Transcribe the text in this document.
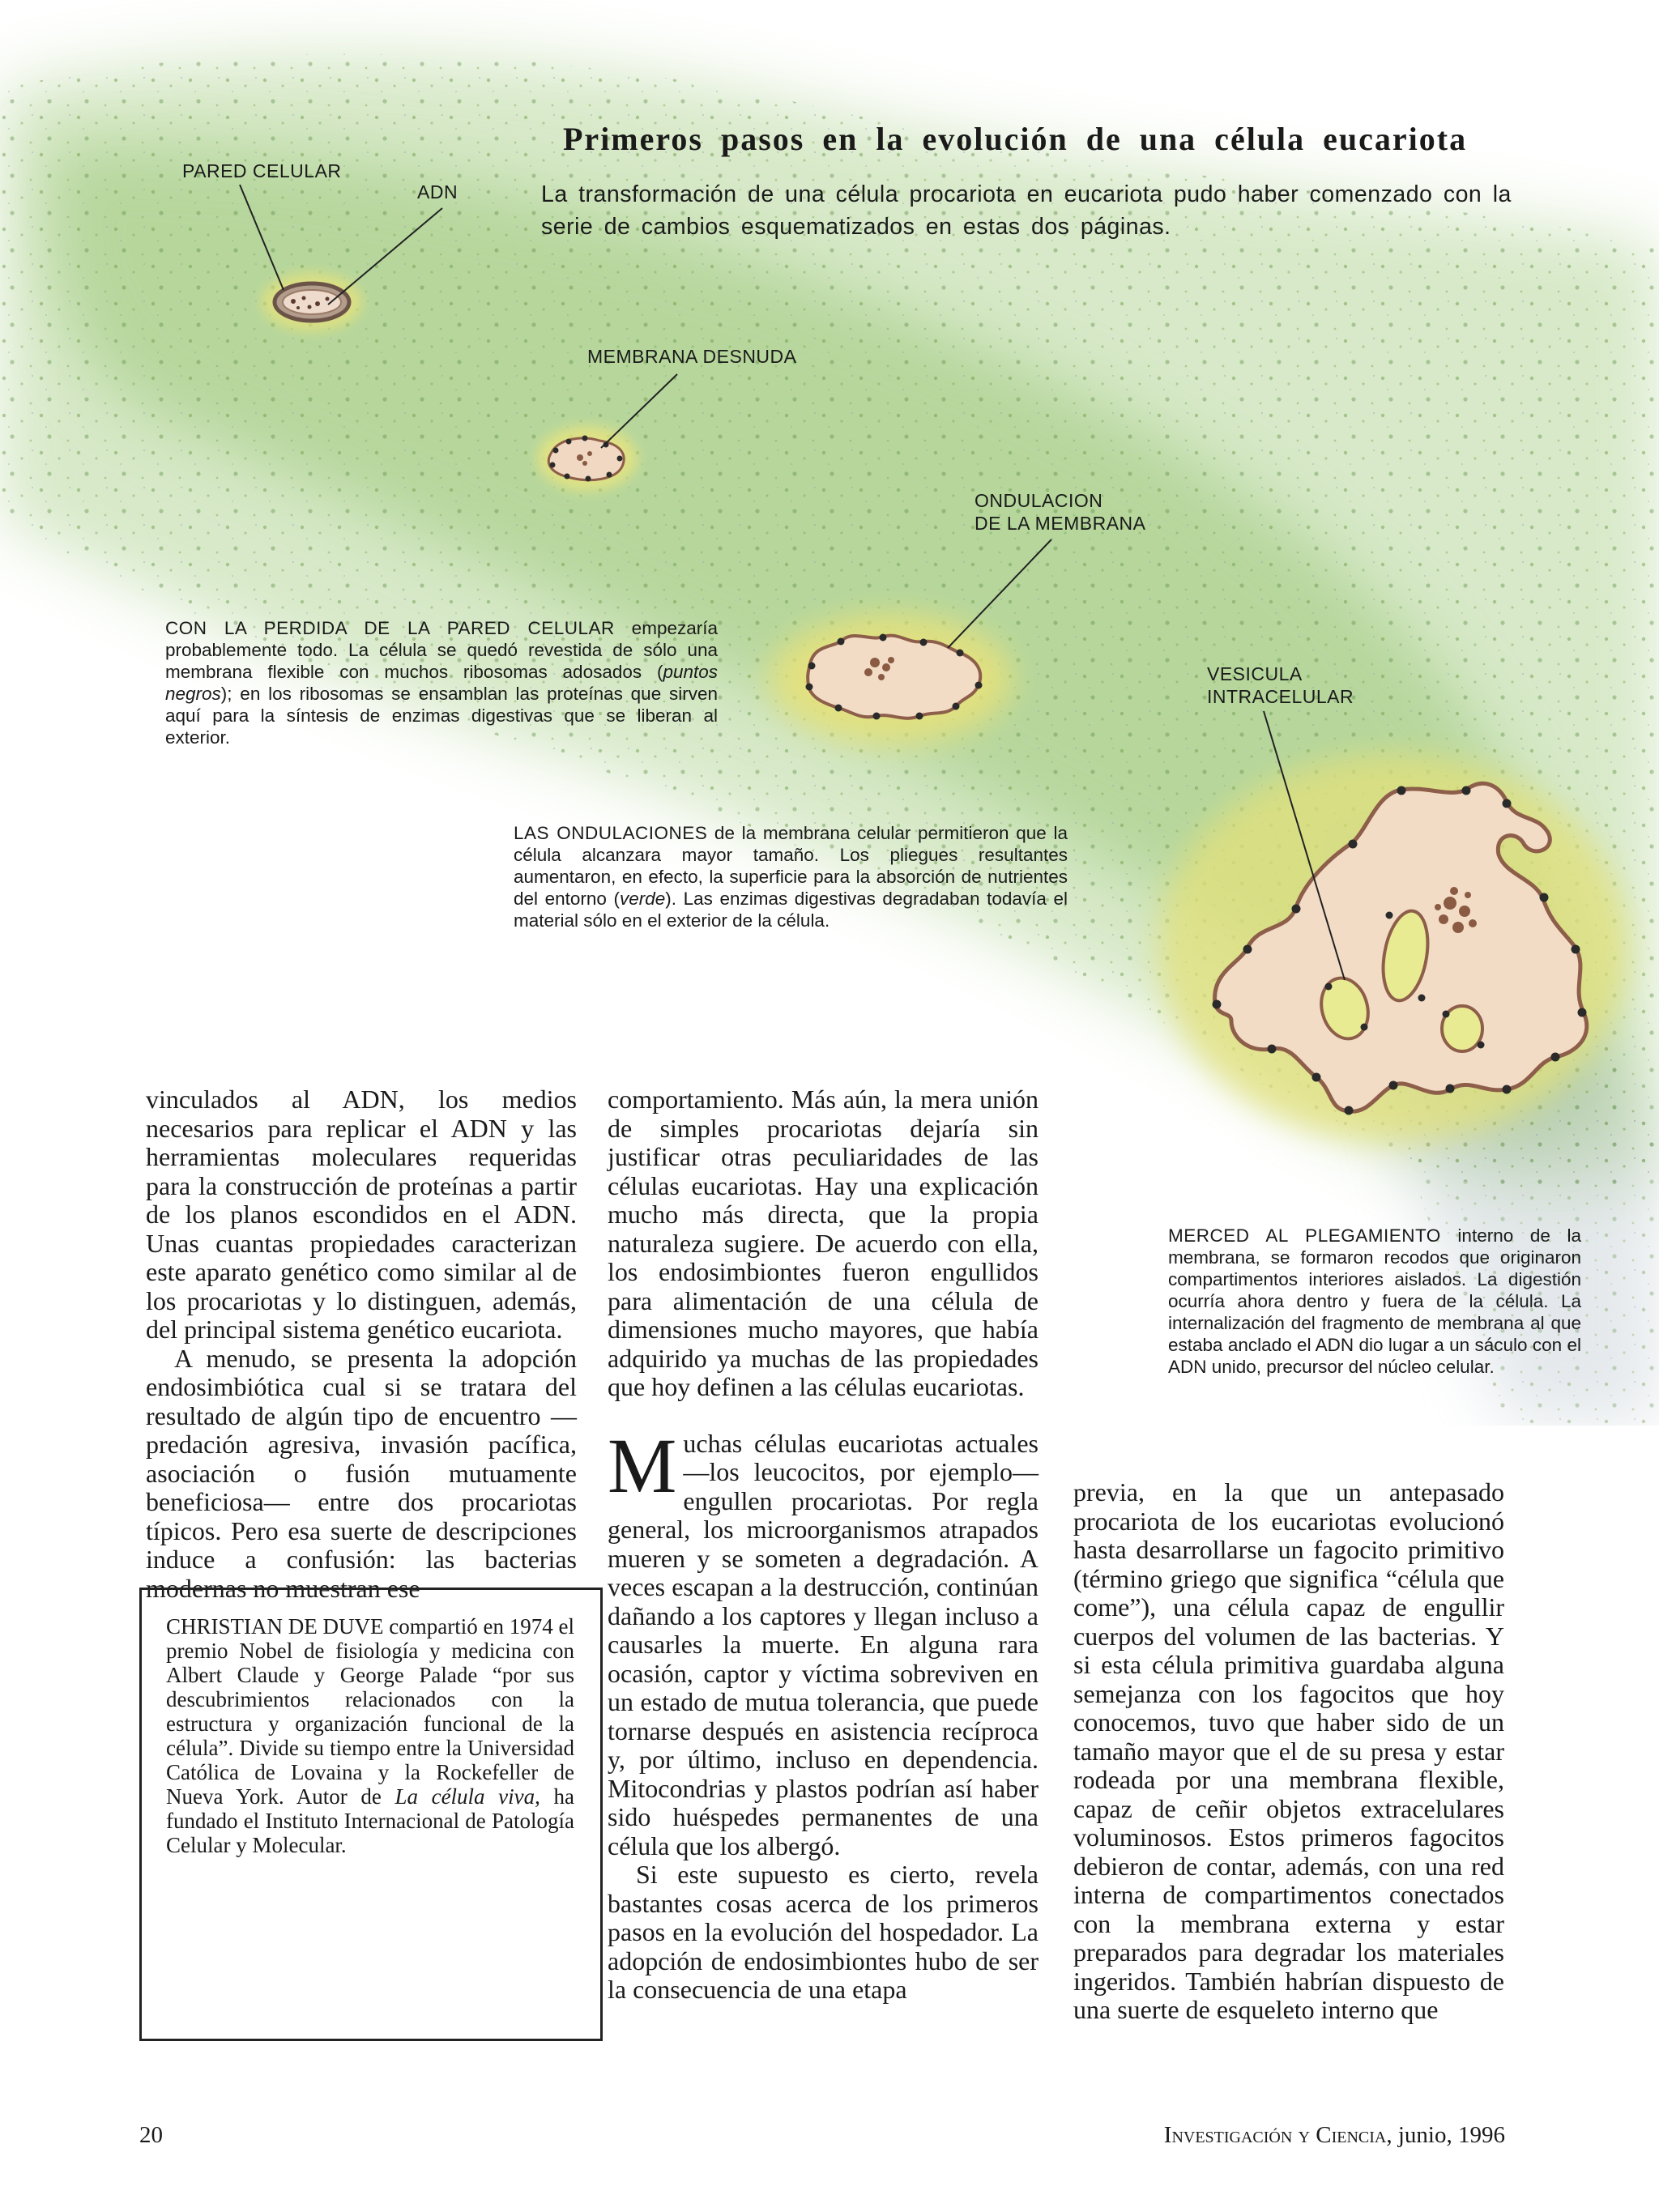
Primeros pasos en la evolución de una célula eucariota
La transformación de una célula procariota en eucariota pudo haber comenzado con la serie de cambios esquematizados en estas dos páginas.
PARED CELULAR
ADN
MEMBRANA DESNUDA
ONDULACION
DE LA MEMBRANA
VESICULA
INTRACELULAR
CON LA PERDIDA DE LA PARED CELULAR empezaría probablemente todo. La célula se quedó revestida de sólo una membrana flexible con muchos ribosomas adosados (puntos negros); en los ribosomas se ensamblan las proteínas que sirven aquí para la síntesis de enzimas digestivas que se liberan al exterior.
LAS ONDULACIONES de la membrana celular permitieron que la célula alcanzara mayor tamaño. Los pliegues resultantes aumentaron, en efecto, la superficie para la absorción de nutrientes del entorno (verde). Las enzimas digestivas degradaban todavía el material sólo en el exterior de la célula.
MERCED AL PLEGAMIENTO interno de la membrana, se formaron recodos que originaron compartimentos interiores aislados. La digestión ocurría ahora dentro y fuera de la célula. La internalización del fragmento de membrana al que estaba anclado el ADN dio lugar a un sáculo con el ADN unido, precursor del núcleo celular.

vinculados al ADN, los medios necesarios para replicar el ADN y las herramientas moleculares requeridas para la construcción de proteínas a partir de los planos escondidos en el ADN. Unas cuantas propiedades caracterizan este aparato genético como similar al de los procariotas y lo distinguen, además, del principal sistema genético eucariota.

A menudo, se presenta la adopción endosimbiótica cual si se tratara del resultado de algún tipo de encuentro —predación agresiva, invasión pacífica, asociación o fusión mutuamente beneficiosa— entre dos procariotas típicos. Pero esa suerte de descripciones induce a confusión: las bacterias modernas no muestran ese

comportamiento. Más aún, la mera unión de simples procariotas dejaría sin justificar otras peculiaridades de las células eucariotas. Hay una explicación mucho más directa, que la propia naturaleza sugiere. De acuerdo con ella, los endosimbiontes fueron engullidos para alimentación de una célula de dimensiones mucho mayores, que había adquirido ya muchas de las propiedades que hoy definen a las células eucariotas.

Muchas células eucariotas actuales —los leucocitos, por ejemplo— engullen procariotas. Por regla general, los microorganismos atrapados mueren y se someten a degradación. A veces escapan a la destrucción, continúan dañando a los captores y llegan incluso a causarles la muerte. En alguna rara ocasión, captor y víctima sobreviven en un estado de mutua tolerancia, que puede tornarse después en asistencia recíproca y, por último, incluso en dependencia. Mitocondrias y plastos podrían así haber sido huéspedes permanentes de una célula que los albergó.

Si este supuesto es cierto, revela bastantes cosas acerca de los primeros pasos en la evolución del hospedador. La adopción de endosimbiontes hubo de ser la consecuencia de una etapa

previa, en la que un antepasado procariota de los eucariotas evolucionó hasta desarrollarse un fagocito primitivo (término griego que significa “célula que come”), una célula capaz de engullir cuerpos del volumen de las bacterias. Y si esta célula primitiva guardaba alguna semejanza con los fagocitos que hoy conocemos, tuvo que haber sido de un tamaño mayor que el de su presa y estar rodeada por una membrana flexible, capaz de ceñir objetos extracelulares voluminosos. Estos primeros fagocitos debieron de contar, además, con una red interna de compartimentos conectados con la membrana externa y estar preparados para degradar los materiales ingeridos. También habrían dispuesto de una suerte de esqueleto interno que

CHRISTIAN DE DUVE compartió en 1974 el premio Nobel de fisiología y medicina con Albert Claude y George Palade “por sus descubrimientos relacionados con la estructura y organización funcional de la célula”. Divide su tiempo entre la Universidad Católica de Lovaina y la Rockefeller de Nueva York. Autor de La célula viva, ha fundado el Instituto Internacional de Patología Celular y Molecular.
20	Investigación y Ciencia, junio, 1996
